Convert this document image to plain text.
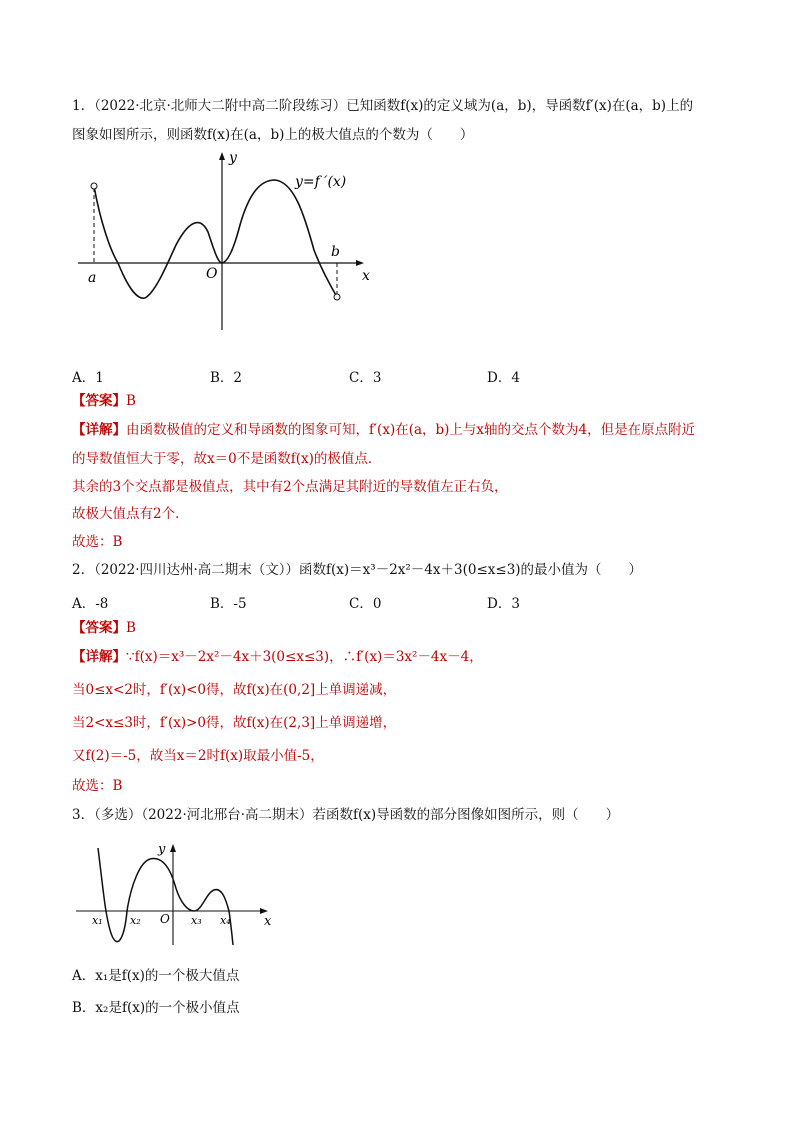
1．（2022·北京·北师大二附中高二阶段练习）已知函数f(x)的定义域为(a，b)，导函数f′(x)在(a，b)上的
图象如图所示，则函数f(x)在(a，b)上的极大值点的个数为（　　）
y
x
O
a
b
y=f ′(x)
y
x
O
x₁ x₂	x₃ x₄
A．1	B．2	C．3	D．4
【答案】B
【详解】由函数极值的定义和导函数的图象可知，f′(x)在(a，b)上与x轴的交点个数为4，但是在原点附近
的导数值恒大于零，故x＝0不是函数f(x)的极值点．
其余的3个交点都是极值点，其中有2个点满足其附近的导数值左正右负，
故极大值点有2个．
故选：B
2．（2022·四川达州·高二期末（文））函数f(x)＝x³－2x²－4x＋3(0≤x≤3)的最小值为（　　）
A．-8	B．-5	C．0	D．3
【答案】B
【详解】∵f(x)＝x³－2x²－4x＋3(0≤x≤3)，∴f′(x)＝3x²－4x－4，
当0≤x<2时，f′(x)<0得，故f(x)在(0,2]上单调递减，
当2<x≤3时，f′(x)>0得，故f(x)在(2,3]上单调递增，
又f(2)＝-5，故当x＝2时f(x)取最小值-5，
故选：B
3．（多选）（2022·河北邢台·高二期末）若函数f(x)导函数的部分图像如图所示，则（　　）
A．x₁是f(x)的一个极大值点
B．x₂是f(x)的一个极小值点
